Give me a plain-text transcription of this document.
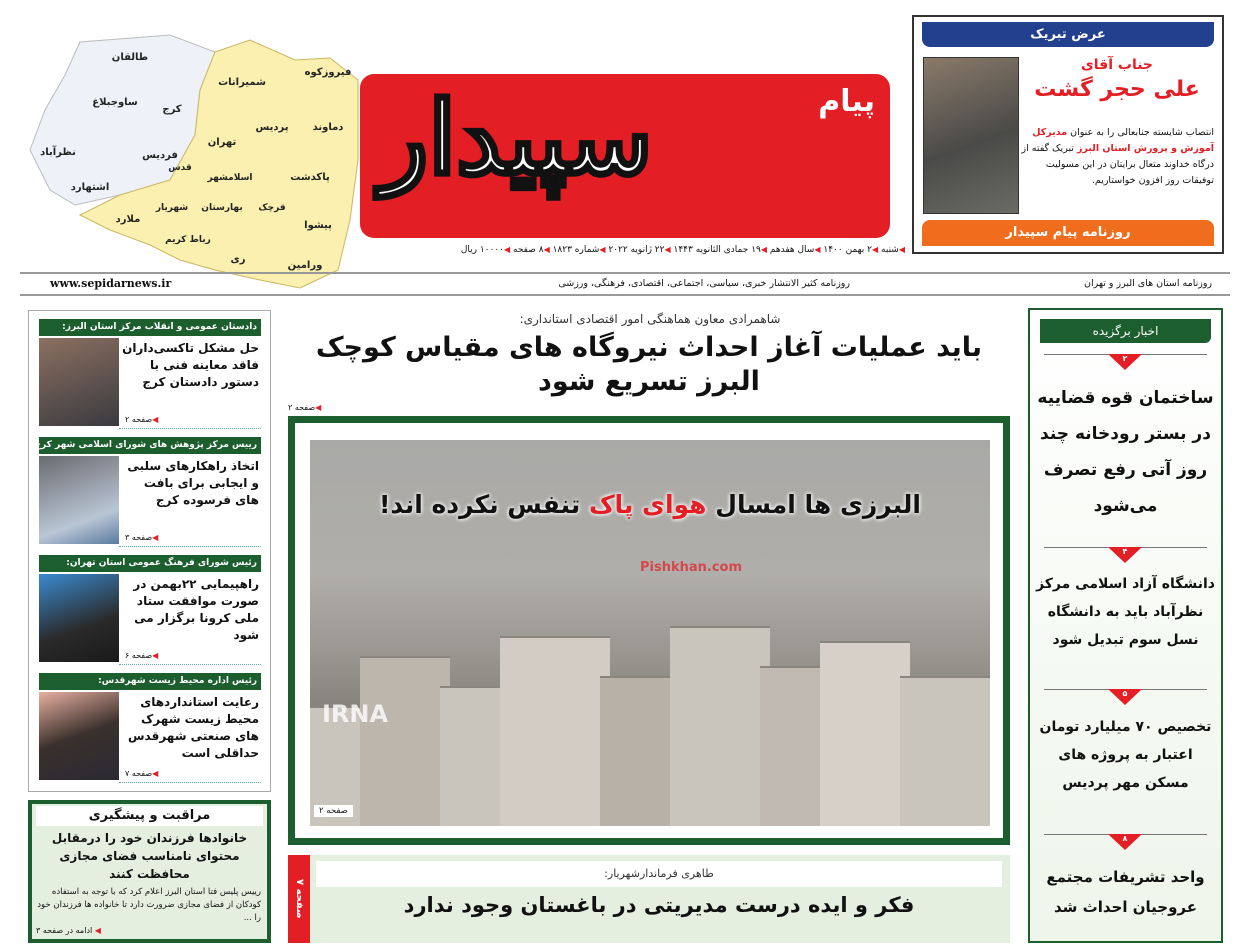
طالقان
ساوجبلاغ
کرج
نظرآباد	فردیس
اشتهارد
شمیرانات
فیروزکوه
دماوند
پردیس
تهران
پاکدشت
قدس
اسلامشهر
ملارد
شهریار بهارستان قرچک
پیشوا
رباط کریم
ری
ورامین
سپیدار	پیام
عرض تبریک
جناب آقای
علی حجر گشت
انتصاب شایسته جنابعالی را به عنوان مدیرکل آموزش و پرورش استان البرز تبریک گفته از درگاه خداوند متعال برایتان در این مسولیت توفیقات روز افزون خواستاریم.
روزنامه پیام سپیدار
◀شنبه ◀۲ بهمن ۱۴۰۰ ◀سال هفدهم ◀۱۹ جمادی الثانویه ۱۴۴۳ ◀۲۲ ژانویه ۲۰۲۲ ◀شماره ۱۸۲۳ ◀۸ صفحه ◀۱۰۰۰۰ ریال
www.sepidarnews.ir	روزنامه کثیر الانتشار خبری، سیاسی، اجتماعی، اقتصادی، فرهنگی، ورزشی	روزنامه استان های البرز و تهران
دادستان عمومی و انقلاب مرکز استان البرز:
حل مشکل تاکسی‌داران فاقد معاینه فنی با دستور دادستان کرج
◀صفحه ۲
رییس مرکز پژوهش های شورای اسلامی شهر کرج:
اتخاذ راهکارهای سلبی و ایجابی برای بافت های فرسوده کرج
◀صفحه ۳
رئیس شورای فرهنگ عمومی استان تهران:
راهپیمایی ۲۲بهمن در صورت موافقت ستاد ملی کرونا برگزار می شود
◀صفحه ۶
رئیس اداره محیط زیست شهرقدس:
رعایت استانداردهای محیط زیست شهرک های صنعتی شهرقدس حداقلی است
◀صفحه ۷
مراقبت و پیشگیری
خانوادها فرزندان خود را درمقابل محتوای نامناسب فضای مجازی محافظت کنند
رییس پلیس فتا استان البرز اعلام کرد که با توجه به استفاده کودکان از فضای مجازی ضرورت دارد تا خانواده ها فرزندان خود را ...
◀ ادامه در صفحه ۳
شاهمرادی معاون هماهنگی امور اقتصادی استانداری:
باید عملیات آغاز احداث نیروگاه های مقیاس کوچک البرز تسریع شود
◀صفحه ۲
البرزی ها امسال هوای پاک تنفس نکرده اند!
Pishkhan.com
IRNA
صفحه ۲
صفحه ۷
طاهری فرماندارشهریار:
فکر و ایده درست مدیریتی در باغستان وجود ندارد
اخبار برگزیده
۲
ساختمان قوه قضاییه در بستر رودخانه چند روز آتی رفع تصرف می‌شود
۴
دانشگاه آزاد اسلامی مرکز نظرآباد باید به دانشگاه نسل سوم تبدیل شود
۵
تخصیص ۷۰ میلیارد تومان اعتبار به پروژه های مسکن مهر پردیس
۸
واحد تشریفات مجتمع عروجیان احداث شد
